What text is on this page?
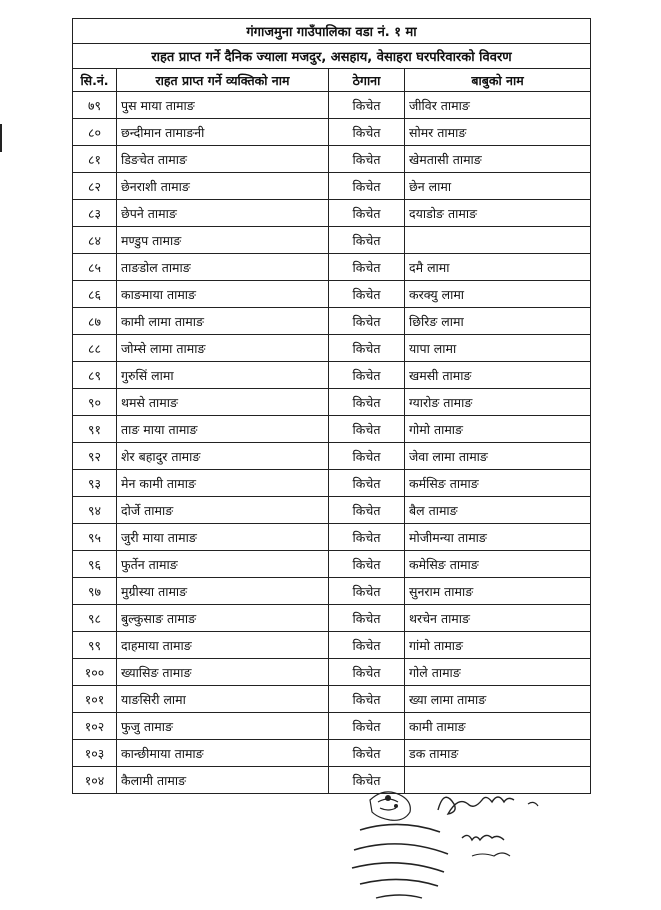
गंगाजमुना गाउँपालिका वडा नं. १ मा			
राहत प्राप्त गर्ने दैनिक ज्याला मजदुर, असहाय, वेसाहरा घरपरिवारको विवरण			
सि.नं.	राहत प्राप्त गर्ने व्यक्तिको नाम	ठेगाना	बाबुको नाम
७९	पुस माया तामाङ	किचेत	जीविर तामाङ
८०	छन्दीमान तामाङनी	किचेत	सोमर तामाङ
८१	डिङचेत तामाङ	किचेत	खेमतासी तामाङ
८२	छेनराशी तामाङ	किचेत	छेन लामा
८३	छेपने तामाङ	किचेत	दयाडोङ तामाङ
८४	मण्डुप तामाङ	किचेत	
८५	ताङडोल तामाङ	किचेत	दमै लामा
८६	काङमाया तामाङ	किचेत	करक्यु लामा
८७	कामी लामा तामाङ	किचेत	छिरिङ लामा
८८	जोम्से लामा तामाङ	किचेत	यापा लामा
८९	गुरुसिं लामा	किचेत	खमसी तामाङ
९०	थमसे तामाङ	किचेत	ग्यारोङ तामाङ
९१	ताङ माया तामाङ	किचेत	गोमो तामाङ
९२	शेर बहादुर तामाङ	किचेत	जेवा लामा तामाङ
९३	मेन कामी तामाङ	किचेत	कर्मसिङ तामाङ
९४	दोर्जे तामाङ	किचेत	बैल तामाङ
९५	जुरी माया तामाङ	किचेत	मोजीमन्या तामाङ
९६	फुर्तेन तामाङ	किचेत	कमेसिङ तामाङ
९७	मुग्रीस्या तामाङ	किचेत	सुनराम तामाङ
९८	बुल्कुसाङ तामाङ	किचेत	थरचेन तामाङ
९९	दाहमाया तामाङ	किचेत	गांमो तामाङ
१००	ख्यासिङ तामाङ	किचेत	गोले तामाङ
१०१	याङसिरी लामा	किचेत	ख्या लामा तामाङ
१०२	फुजु तामाङ	किचेत	कामी तामाङ
१०३	कान्छीमाया तामाङ	किचेत	डक तामाङ
१०४	कैलामी तामाङ	किचेत	
